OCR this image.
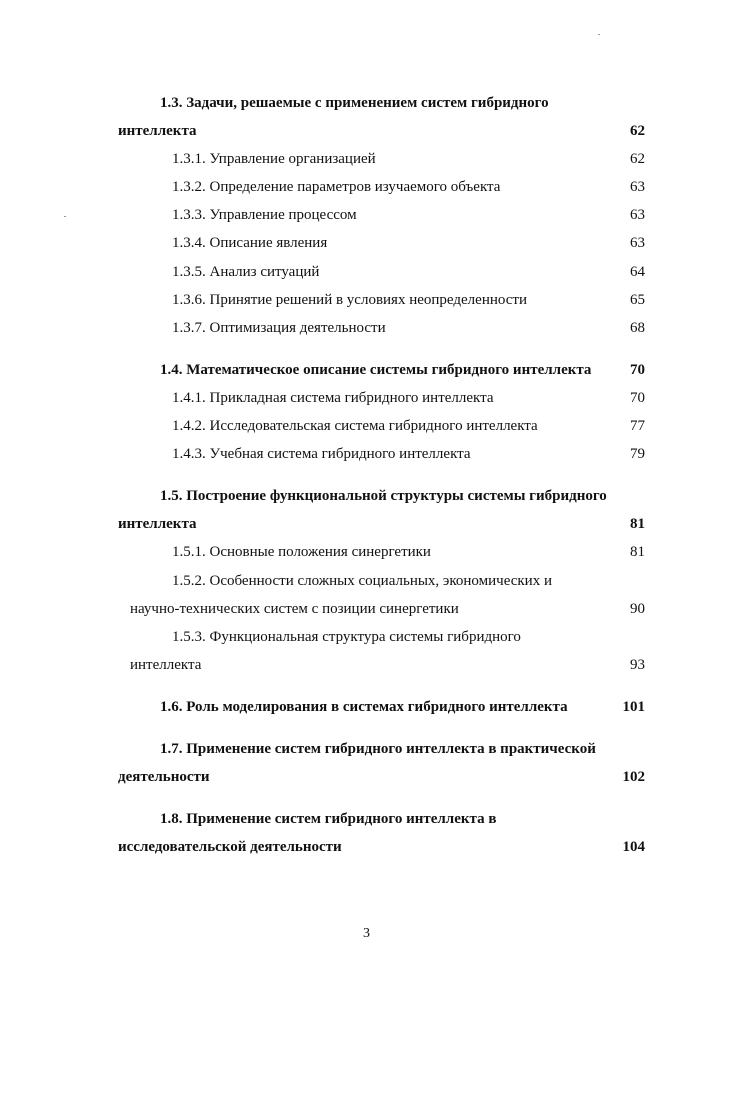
1.3. Задачи, решаемые с применением систем гибридного
интеллекта	62
1.3.1. Управление организацией	62
1.3.2. Определение параметров изучаемого объекта	63
1.3.3. Управление процессом	63
1.3.4. Описание явления	63
1.3.5. Анализ ситуаций	64
1.3.6. Принятие решений в условиях неопределенности	65
1.3.7. Оптимизация деятельности	68
1.4. Математическое описание системы гибридного интеллекта	70
1.4.1. Прикладная система гибридного интеллекта	70
1.4.2. Исследовательская система гибридного интеллекта	77
1.4.3. Учебная система гибридного интеллекта	79
1.5. Построение функциональной структуры системы гибридного
интеллекта	81
1.5.1. Основные положения синергетики	81
1.5.2. Особенности сложных социальных, экономических и
научно-технических систем с позиции синергетики	90
1.5.3. Функциональная структура системы гибридного
интеллекта	93
1.6. Роль моделирования в системах гибридного интеллекта	101
1.7. Применение систем гибридного интеллекта в практической
деятельности	102
1.8. Применение систем гибридного интеллекта в
исследовательской деятельности	104
3
